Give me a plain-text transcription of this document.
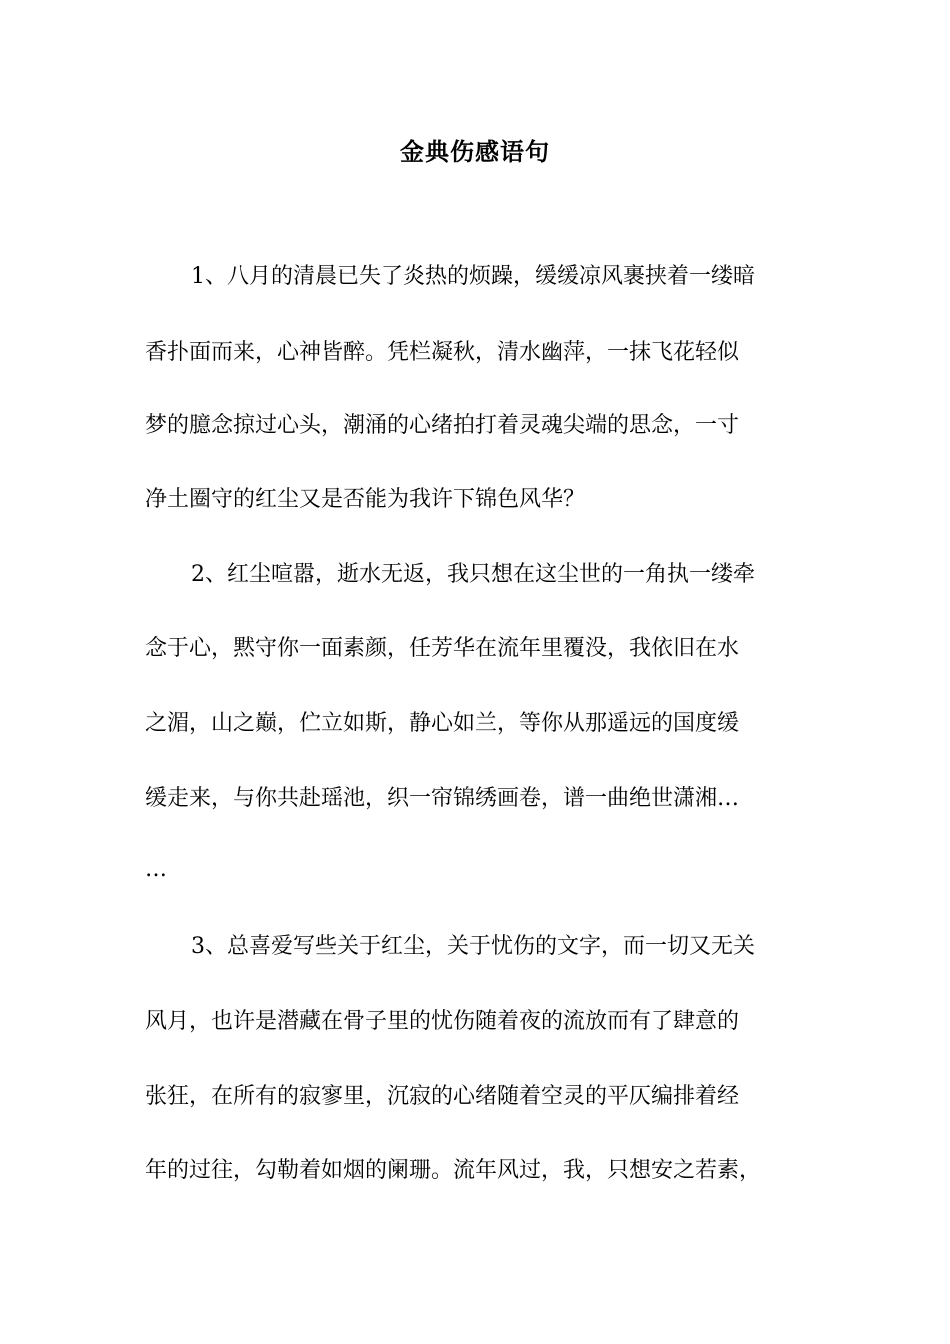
金典伤感语句
1、八月的清晨已失了炎热的烦躁，缓缓凉风裹挟着一缕暗
香扑面而来，心神皆醉。凭栏凝秋，清水幽萍，一抹飞花轻似
梦的臆念掠过心头，潮涌的心绪拍打着灵魂尖端的思念，一寸
净土圈守的红尘又是否能为我许下锦色风华？
2、红尘喧嚣，逝水无返，我只想在这尘世的一角执一缕牵
念于心，黙守你一面素颜，任芳华在流年里覆没，我依旧在水
之湄，山之巅，伫立如斯，静心如兰，等你从那遥远的国度缓
缓走来，与你共赴瑶池，织一帘锦绣画卷，谱一曲绝世潇湘…
…
3、总喜爱写些关于红尘，关于忧伤的文字，而一切又无关
风月，也许是潜藏在骨子里的忧伤随着夜的流放而有了肆意的
张狂，在所有的寂寥里，沉寂的心绪随着空灵的平仄编排着经
年的过往，勾勒着如烟的阑珊。流年风过，我，只想安之若素，
